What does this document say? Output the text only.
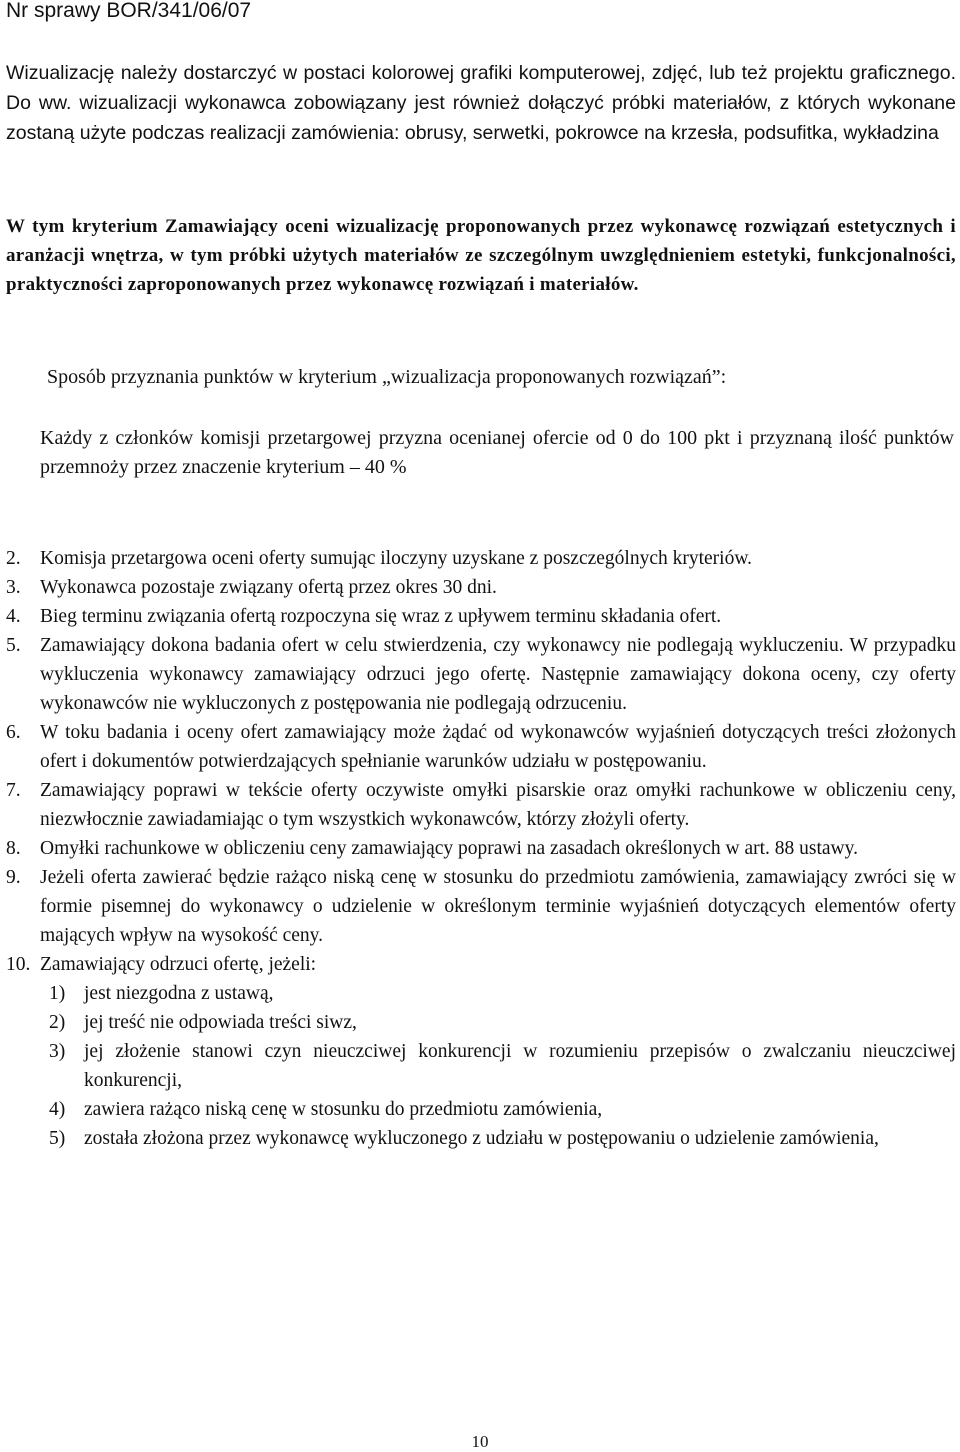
Nr sprawy BOR/341/06/07
Wizualizację należy dostarczyć w postaci kolorowej grafiki komputerowej, zdjęć, lub też projektu graficznego. Do ww. wizualizacji wykonawca zobowiązany jest również dołączyć próbki materiałów, z których wykonane zostaną użyte podczas realizacji zamówienia: obrusy, serwetki, pokrowce na krzesła, podsufitka, wykładzina
W tym kryterium Zamawiający oceni wizualizację proponowanych przez wykonawcę rozwiązań estetycznych i aranżacji wnętrza, w tym próbki użytych materiałów ze szczególnym uwzględnieniem estetyki, funkcjonalności, praktyczności zaproponowanych przez wykonawcę rozwiązań i materiałów.
Sposób przyznania punktów w kryterium „wizualizacja proponowanych rozwiązań”:
Każdy z członków komisji przetargowej przyzna ocenianej ofercie od 0 do 100 pkt i przyznaną ilość punktów przemnoży przez znaczenie kryterium – 40 %
2. Komisja przetargowa oceni oferty sumując iloczyny uzyskane z poszczególnych kryteriów.
3. Wykonawca pozostaje związany ofertą przez okres 30 dni.
4. Bieg terminu związania ofertą rozpoczyna się wraz z upływem terminu składania ofert.
5. Zamawiający dokona badania ofert w celu stwierdzenia, czy wykonawcy nie podlegają wykluczeniu. W przypadku wykluczenia wykonawcy zamawiający odrzuci jego ofertę. Następnie zamawiający dokona oceny, czy oferty wykonawców nie wykluczonych z postępowania nie podlegają odrzuceniu.
6. W toku badania i oceny ofert zamawiający może żądać od wykonawców wyjaśnień dotyczących treści złożonych ofert i dokumentów potwierdzających spełnianie warunków udziału w postępowaniu.
7. Zamawiający poprawi w tekście oferty oczywiste omyłki pisarskie oraz omyłki rachunkowe w obliczeniu ceny, niezwłocznie zawiadamiając o tym wszystkich wykonawców, którzy złożyli oferty.
8. Omyłki rachunkowe w obliczeniu ceny zamawiający poprawi na zasadach określonych w art. 88 ustawy.
9. Jeżeli oferta zawierać będzie rażąco niską cenę w stosunku do przedmiotu zamówienia, zamawiający zwróci się w formie pisemnej do wykonawcy o udzielenie w określonym terminie wyjaśnień dotyczących elementów oferty mających wpływ na wysokość ceny.
10. Zamawiający odrzuci ofertę, jeżeli:
1) jest niezgodna z ustawą,
2) jej treść nie odpowiada treści siwz,
3) jej złożenie stanowi czyn nieuczciwej konkurencji w rozumieniu przepisów o zwalczaniu nieuczciwej konkurencji,
4) zawiera rażąco niską cenę w stosunku do przedmiotu zamówienia,
5) została złożona przez wykonawcę wykluczonego z udziału w postępowaniu o udzielenie zamówienia,
10
